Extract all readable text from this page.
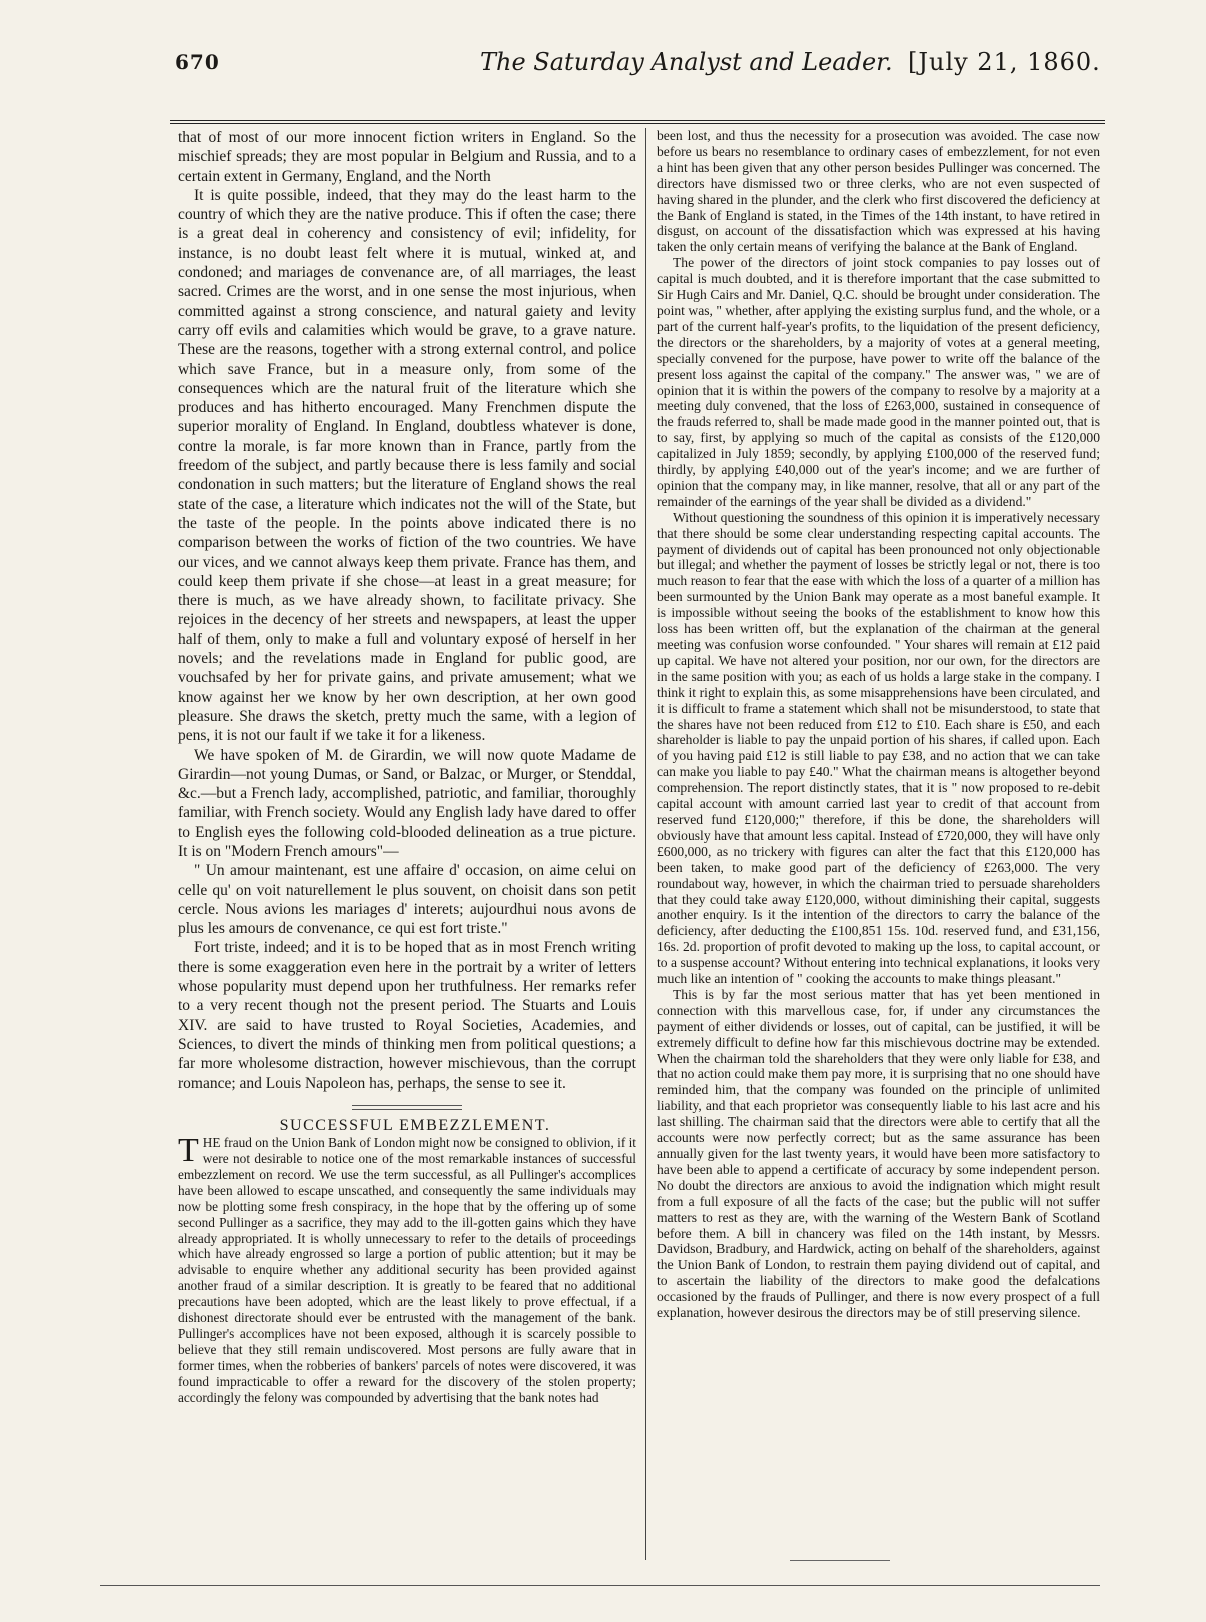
670	The Saturday Analyst and Leader. [July 21, 1860.

that of most of our more innocent fiction writers in England. So the mischief spreads; they are most popular in Belgium and Russia, and to a certain extent in Germany, England, and the North

It is quite possible, indeed, that they may do the least harm to the country of which they are the native produce. This if often the case; there is a great deal in coherency and consistency of evil; infidelity, for instance, is no doubt least felt where it is mutual, winked at, and condoned; and mariages de convenance are, of all marriages, the least sacred. Crimes are the worst, and in one sense the most injurious, when committed against a strong conscience, and natural gaiety and levity carry off evils and calamities which would be grave, to a grave nature. These are the reasons, together with a strong external control, and police which save France, but in a measure only, from some of the consequences which are the natural fruit of the literature which she produces and has hitherto encouraged. Many Frenchmen dispute the superior morality of England. In England, doubtless whatever is done, contre la morale, is far more known than in France, partly from the freedom of the subject, and partly because there is less family and social condonation in such matters; but the literature of England shows the real state of the case, a literature which indicates not the will of the State, but the taste of the people. In the points above indicated there is no comparison between the works of fiction of the two countries. We have our vices, and we cannot always keep them private. France has them, and could keep them private if she chose—at least in a great measure; for there is much, as we have already shown, to facilitate privacy. She rejoices in the decency of her streets and newspapers, at least the upper half of them, only to make a full and voluntary exposé of herself in her novels; and the revelations made in England for public good, are vouchsafed by her for private gains, and private amusement; what we know against her we know by her own description, at her own good pleasure. She draws the sketch, pretty much the same, with a legion of pens, it is not our fault if we take it for a likeness.

We have spoken of M. de Girardin, we will now quote Madame de Girardin—not young Dumas, or Sand, or Balzac, or Murger, or Stenddal, &c.—but a French lady, accomplished, patriotic, and familiar, thoroughly familiar, with French society. Would any English lady have dared to offer to English eyes the following cold-blooded delineation as a true picture. It is on "Modern French amours"—

" Un amour maintenant, est une affaire d' occasion, on aime celui on celle qu' on voit naturellement le plus souvent, on choisit dans son petit cercle. Nous avions les mariages d' interets; aujourdhui nous avons de plus les amours de convenance, ce qui est fort triste."

Fort triste, indeed; and it is to be hoped that as in most French writing there is some exaggeration even here in the portrait by a writer of letters whose popularity must depend upon her truthfulness. Her remarks refer to a very recent though not the present period. The Stuarts and Louis XIV. are said to have trusted to Royal Societies, Academies, and Sciences, to divert the minds of thinking men from political questions; a far more wholesome distraction, however mischievous, than the corrupt romance; and Louis Napoleon has, perhaps, the sense to see it.

SUCCESSFUL EMBEZZLEMENT.

THE fraud on the Union Bank of London might now be consigned to oblivion, if it were not desirable to notice one of the most remarkable instances of successful embezzlement on record. We use the term successful, as all Pullinger's accomplices have been allowed to escape unscathed, and consequently the same individuals may now be plotting some fresh conspiracy, in the hope that by the offering up of some second Pullinger as a sacrifice, they may add to the ill-gotten gains which they have already appropriated. It is wholly unnecessary to refer to the details of proceedings which have already engrossed so large a portion of public attention; but it may be advisable to enquire whether any additional security has been provided against another fraud of a similar description. It is greatly to be feared that no additional precautions have been adopted, which are the least likely to prove effectual, if a dishonest directorate should ever be entrusted with the management of the bank. Pullinger's accomplices have not been exposed, although it is scarcely possible to believe that they still remain undiscovered. Most persons are fully aware that in former times, when the robberies of bankers' parcels of notes were discovered, it was found impracticable to offer a reward for the discovery of the stolen property; accordingly the felony was compounded by advertising that the bank notes had

been lost, and thus the necessity for a prosecution was avoided. The case now before us bears no resemblance to ordinary cases of embezzlement, for not even a hint has been given that any other person besides Pullinger was concerned. The directors have dismissed two or three clerks, who are not even suspected of having shared in the plunder, and the clerk who first discovered the deficiency at the Bank of England is stated, in the Times of the 14th instant, to have retired in disgust, on account of the dissatisfaction which was expressed at his having taken the only certain means of verifying the balance at the Bank of England.

The power of the directors of joint stock companies to pay losses out of capital is much doubted, and it is therefore important that the case submitted to Sir Hugh Cairs and Mr. Daniel, Q.C. should be brought under consideration. The point was, " whether, after applying the existing surplus fund, and the whole, or a part of the current half-year's profits, to the liquidation of the present deficiency, the directors or the shareholders, by a majority of votes at a general meeting, specially convened for the purpose, have power to write off the balance of the present loss against the capital of the company." The answer was, " we are of opinion that it is within the powers of the company to resolve by a majority at a meeting duly convened, that the loss of £263,000, sustained in consequence of the frauds referred to, shall be made made good in the manner pointed out, that is to say, first, by applying so much of the capital as consists of the £120,000 capitalized in July 1859; secondly, by applying £100,000 of the reserved fund; thirdly, by applying £40,000 out of the year's income; and we are further of opinion that the company may, in like manner, resolve, that all or any part of the remainder of the earnings of the year shall be divided as a dividend."

Without questioning the soundness of this opinion it is imperatively necessary that there should be some clear understanding respecting capital accounts. The payment of dividends out of capital has been pronounced not only objectionable but illegal; and whether the payment of losses be strictly legal or not, there is too much reason to fear that the ease with which the loss of a quarter of a million has been surmounted by the Union Bank may operate as a most baneful example. It is impossible without seeing the books of the establishment to know how this loss has been written off, but the explanation of the chairman at the general meeting was confusion worse confounded. " Your shares will remain at £12 paid up capital. We have not altered your position, nor our own, for the directors are in the same position with you; as each of us holds a large stake in the company. I think it right to explain this, as some misapprehensions have been circulated, and it is difficult to frame a statement which shall not be misunderstood, to state that the shares have not been reduced from £12 to £10. Each share is £50, and each shareholder is liable to pay the unpaid portion of his shares, if called upon. Each of you having paid £12 is still liable to pay £38, and no action that we can take can make you liable to pay £40." What the chairman means is altogether beyond comprehension. The report distinctly states, that it is " now proposed to re-debit capital account with amount carried last year to credit of that account from reserved fund £120,000;" therefore, if this be done, the shareholders will obviously have that amount less capital. Instead of £720,000, they will have only £600,000, as no trickery with figures can alter the fact that this £120,000 has been taken, to make good part of the deficiency of £263,000. The very roundabout way, however, in which the chairman tried to persuade shareholders that they could take away £120,000, without diminishing their capital, suggests another enquiry. Is it the intention of the directors to carry the balance of the deficiency, after deducting the £100,851 15s. 10d. reserved fund, and £31,156, 16s. 2d. proportion of profit devoted to making up the loss, to capital account, or to a suspense account? Without entering into technical explanations, it looks very much like an intention of " cooking the accounts to make things pleasant."

This is by far the most serious matter that has yet been mentioned in connection with this marvellous case, for, if under any circumstances the payment of either dividends or losses, out of capital, can be justified, it will be extremely difficult to define how far this mischievous doctrine may be extended. When the chairman told the shareholders that they were only liable for £38, and that no action could make them pay more, it is surprising that no one should have reminded him, that the company was founded on the principle of unlimited liability, and that each proprietor was consequently liable to his last acre and his last shilling. The chairman said that the directors were able to certify that all the accounts were now perfectly correct; but as the same assurance has been annually given for the last twenty years, it would have been more satisfactory to have been able to append a certificate of accuracy by some independent person. No doubt the directors are anxious to avoid the indignation which might result from a full exposure of all the facts of the case; but the public will not suffer matters to rest as they are, with the warning of the Western Bank of Scotland before them. A bill in chancery was filed on the 14th instant, by Messrs. Davidson, Bradbury, and Hardwick, acting on behalf of the shareholders, against the Union Bank of London, to restrain them paying dividend out of capital, and to ascertain the liability of the directors to make good the defalcations occasioned by the frauds of Pullinger, and there is now every prospect of a full explanation, however desirous the directors may be of still preserving silence.
